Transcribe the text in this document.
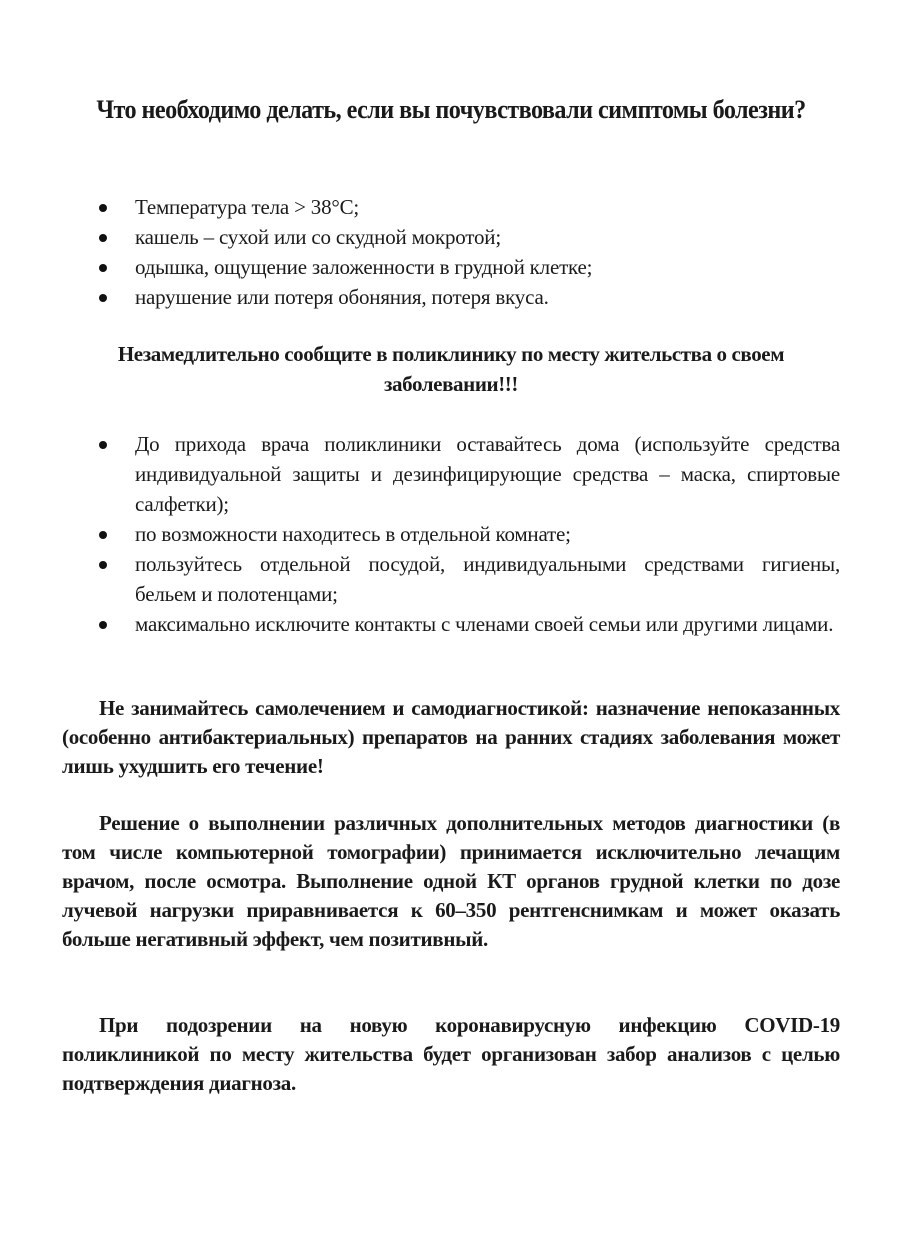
Что необходимо делать, если вы почувствовали симптомы болезни?
Температура тела > 38°С;
кашель – сухой или со скудной мокротой;
одышка, ощущение заложенности в грудной клетке;
нарушение или потеря обоняния, потеря вкуса.
Незамедлительно сообщите в поликлинику по месту жительства о своем заболевании!!!
До прихода врача поликлиники оставайтесь дома (используйте средства индивидуальной защиты и дезинфицирующие средства – маска, спиртовые салфетки);
по возможности находитесь в отдельной комнате;
пользуйтесь отдельной посудой, индивидуальными средствами гигиены, бельем и полотенцами;
максимально исключите контакты с членами своей семьи или другими лицами.

Не занимайтесь самолечением и самодиагностикой: назначение непоказанных (особенно антибактериальных) препаратов на ранних стадиях заболевания может лишь ухудшить его течение!

Решение о выполнении различных дополнительных методов диагностики (в том числе компьютерной томографии) принимается исключительно лечащим врачом, после осмотра. Выполнение одной КТ органов грудной клетки по дозе лучевой нагрузки приравнивается к 60–350 рентгенснимкам и может оказать больше негативный эффект, чем позитивный.

При подозрении на новую коронавирусную инфекцию COVID-19 поликлиникой по месту жительства будет организован забор анализов с целью подтверждения диагноза.
